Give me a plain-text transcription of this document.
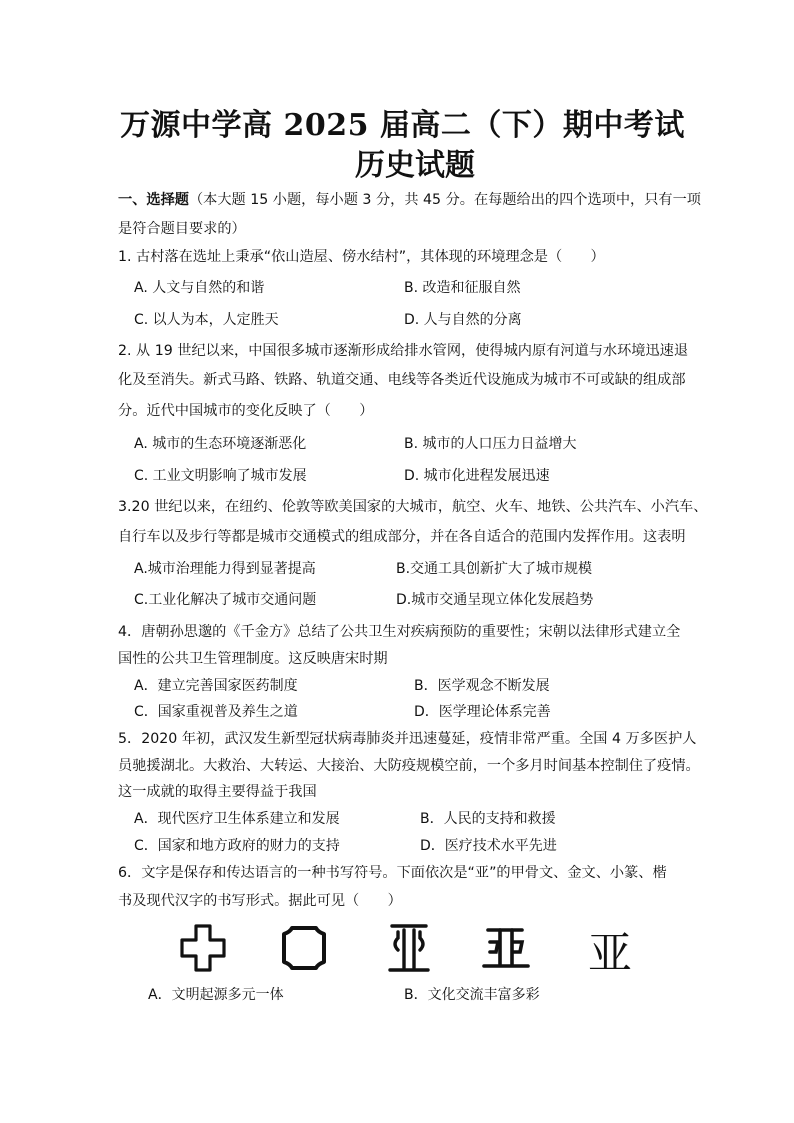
万源中学高 2025 届高二（下）期中考试
历史试题
一、选择题（本大题 15 小题，每小题 3 分，共 45 分。在每题给出的四个选项中，只有一项
是符合题目要求的）
1. 古村落在选址上秉承“依山造屋、傍水结村”，其体现的环境理念是（　　）
A. 人文与自然的和谐	B. 改造和征服自然
C. 以人为本，人定胜天	D. 人与自然的分离
2. 从 19 世纪以来，中国很多城市逐渐形成给排水管网，使得城内原有河道与水环境迅速退
化及至消失。新式马路、铁路、轨道交通、电线等各类近代设施成为城市不可或缺的组成部
分。近代中国城市的变化反映了（　　）
A. 城市的生态环境逐渐恶化	B. 城市的人口压力日益增大
C. 工业文明影响了城市发展	D. 城市化进程发展迅速
3.20 世纪以来，在纽约、伦敦等欧美国家的大城市，航空、火车、地铁、公共汽车、小汽车、
自行车以及步行等都是城市交通模式的组成部分，并在各自适合的范围内发挥作用。这表明
A.城市治理能力得到显著提高	B.交通工具创新扩大了城市规模
C.工业化解决了城市交通问题	D.城市交通呈现立体化发展趋势
4．唐朝孙思邈的《千金方》总结了公共卫生对疾病预防的重要性；宋朝以法律形式建立全
国性的公共卫生管理制度。这反映唐宋时期
A．建立完善国家医药制度	B．医学观念不断发展
C．国家重视普及养生之道	D．医学理论体系完善
5．2020 年初，武汉发生新型冠状病毒肺炎并迅速蔓延，疫情非常严重。全国 4 万多医护人
员驰援湖北。大救治、大转运、大接治、大防疫规模空前，一个多月时间基本控制住了疫情。
这一成就的取得主要得益于我国
A．现代医疗卫生体系建立和发展	B．人民的支持和救援
C．国家和地方政府的财力的支持	D．医疗技术水平先进
6．文字是保存和传达语言的一种书写符号。下面依次是“亚”的甲骨文、金文、小篆、楷
书及现代汉字的书写形式。据此可见（　　）
亚
A．文明起源多元一体	B．文化交流丰富多彩
